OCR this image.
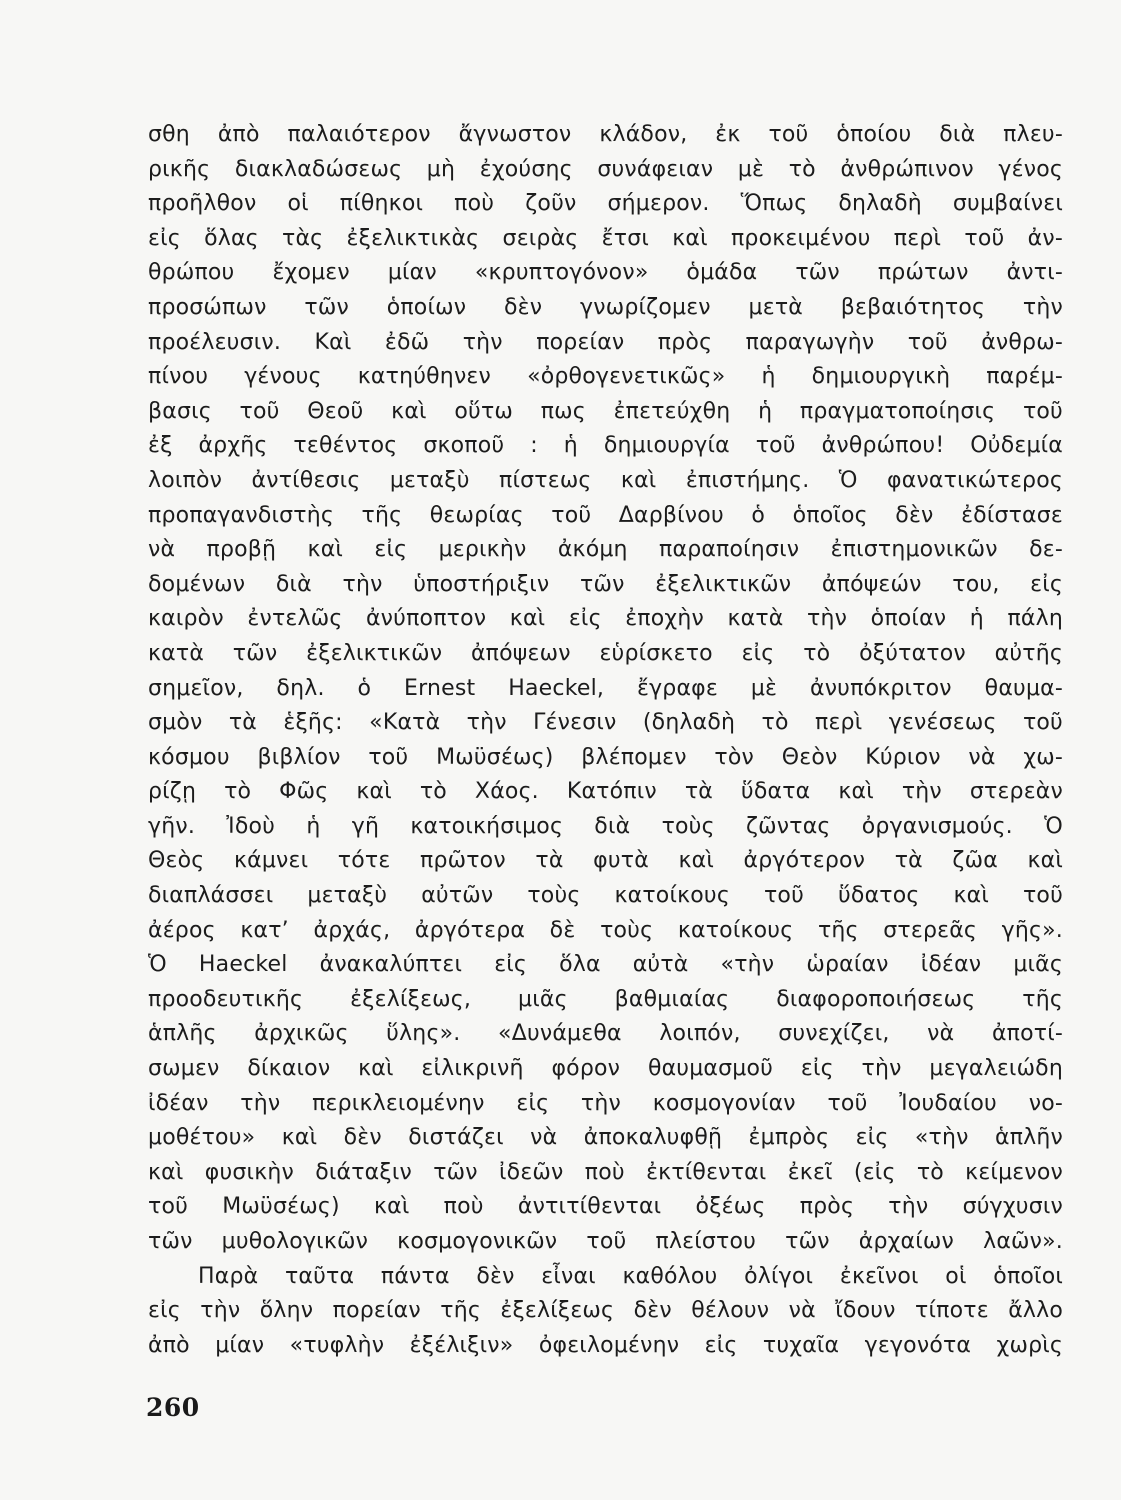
σθη ἀπὸ παλαιότερον ἄγνωστον κλάδον, ἐκ τοῦ ὁποίου διὰ πλευ-
ρικῆς διακλαδώσεως μὴ ἐχούσης συνάφειαν μὲ τὸ ἀνθρώπινον γένος
προῆλθον οἱ πίθηκοι ποὺ ζοῦν σήμερον. Ὅπως δηλαδὴ συμβαίνει
εἰς ὅλας τὰς ἐξελικτικὰς σειρὰς ἔτσι καὶ προκειμένου περὶ τοῦ ἀν-
θρώπου ἔχομεν μίαν «κρυπτογόνον» ὁμάδα τῶν πρώτων ἀντι-
προσώπων τῶν ὁποίων δὲν γνωρίζομεν μετὰ βεβαιότητος τὴν
προέλευσιν. Καὶ ἐδῶ τὴν πορείαν πρὸς παραγωγὴν τοῦ ἀνθρω-
πίνου γένους κατηύθηνεν «ὀρθογενετικῶς» ἡ δημιουργικὴ παρέμ-
βασις τοῦ Θεοῦ καὶ οὕτω πως ἐπετεύχθη ἡ πραγματοποίησις τοῦ
ἐξ ἀρχῆς τεθέντος σκοποῦ : ἡ δημιουργία τοῦ ἀνθρώπου! Οὐδεμία
λοιπὸν ἀντίθεσις μεταξὺ πίστεως καὶ ἐπιστήμης. Ὁ φανατικώτερος
προπαγανδιστὴς τῆς θεωρίας τοῦ Δαρβίνου ὁ ὁποῖος δὲν ἐδίστασε
νὰ προβῇ καὶ εἰς μερικὴν ἀκόμη παραποίησιν ἐπιστημονικῶν δε-
δομένων διὰ τὴν ὑποστήριξιν τῶν ἐξελικτικῶν ἀπόψεών του, εἰς
καιρὸν ἐντελῶς ἀνύποπτον καὶ εἰς ἐποχὴν κατὰ τὴν ὁποίαν ἡ πάλη
κατὰ τῶν ἐξελικτικῶν ἀπόψεων εὑρίσκετο εἰς τὸ ὀξύτατον αὐτῆς
σημεῖον, δηλ. ὁ Ernest Haeckel, ἔγραφε μὲ ἀνυπόκριτον θαυμα-
σμὸν τὰ ἑξῆς: «Κατὰ τὴν Γένεσιν (δηλαδὴ τὸ περὶ γενέσεως τοῦ
κόσμου βιβλίον τοῦ Μωϋσέως) βλέπομεν τὸν Θεὸν Κύριον νὰ χω-
ρίζῃ τὸ Φῶς καὶ τὸ Χάος. Κατόπιν τὰ ὕδατα καὶ τὴν στερεὰν
γῆν. Ἰδοὺ ἡ γῆ κατοικήσιμος διὰ τοὺς ζῶντας ὀργανισμούς. Ὁ
Θεὸς κάμνει τότε πρῶτον τὰ φυτὰ καὶ ἀργότερον τὰ ζῶα καὶ
διαπλάσσει μεταξὺ αὐτῶν τοὺς κατοίκους τοῦ ὕδατος καὶ τοῦ
ἀέρος κατ’ ἀρχάς, ἀργότερα δὲ τοὺς κατοίκους τῆς στερεᾶς γῆς».
Ὁ Haeckel ἀνακαλύπτει εἰς ὅλα αὐτὰ «τὴν ὡραίαν ἰδέαν μιᾶς
προοδευτικῆς ἐξελίξεως, μιᾶς βαθμιαίας διαφοροποιήσεως τῆς
ἁπλῆς ἀρχικῶς ὕλης». «Δυνάμεθα λοιπόν, συνεχίζει, νὰ ἀποτί-
σωμεν δίκαιον καὶ εἰλικρινῆ φόρον θαυμασμοῦ εἰς τὴν μεγαλειώδη
ἰδέαν τὴν περικλειομένην εἰς τὴν κοσμογονίαν τοῦ Ἰουδαίου νο-
μοθέτου» καὶ δὲν διστάζει νὰ ἀποκαλυφθῇ ἐμπρὸς εἰς «τὴν ἁπλῆν
καὶ φυσικὴν διάταξιν τῶν ἰδεῶν ποὺ ἐκτίθενται ἐκεῖ (εἰς τὸ κείμενον
τοῦ Μωϋσέως) καὶ ποὺ ἀντιτίθενται ὀξέως πρὸς τὴν σύγχυσιν
τῶν μυθολογικῶν κοσμογονικῶν τοῦ πλείστου τῶν ἀρχαίων λαῶν».
Παρὰ ταῦτα πάντα δὲν εἶναι καθόλου ὀλίγοι ἐκεῖνοι οἱ ὁποῖοι
εἰς τὴν ὅλην πορείαν τῆς ἐξελίξεως δὲν θέλουν νὰ ἴδουν τίποτε ἄλλο
ἀπὸ μίαν «τυφλὴν ἐξέλιξιν» ὀφειλομένην εἰς τυχαῖα γεγονότα χωρὶς
260
